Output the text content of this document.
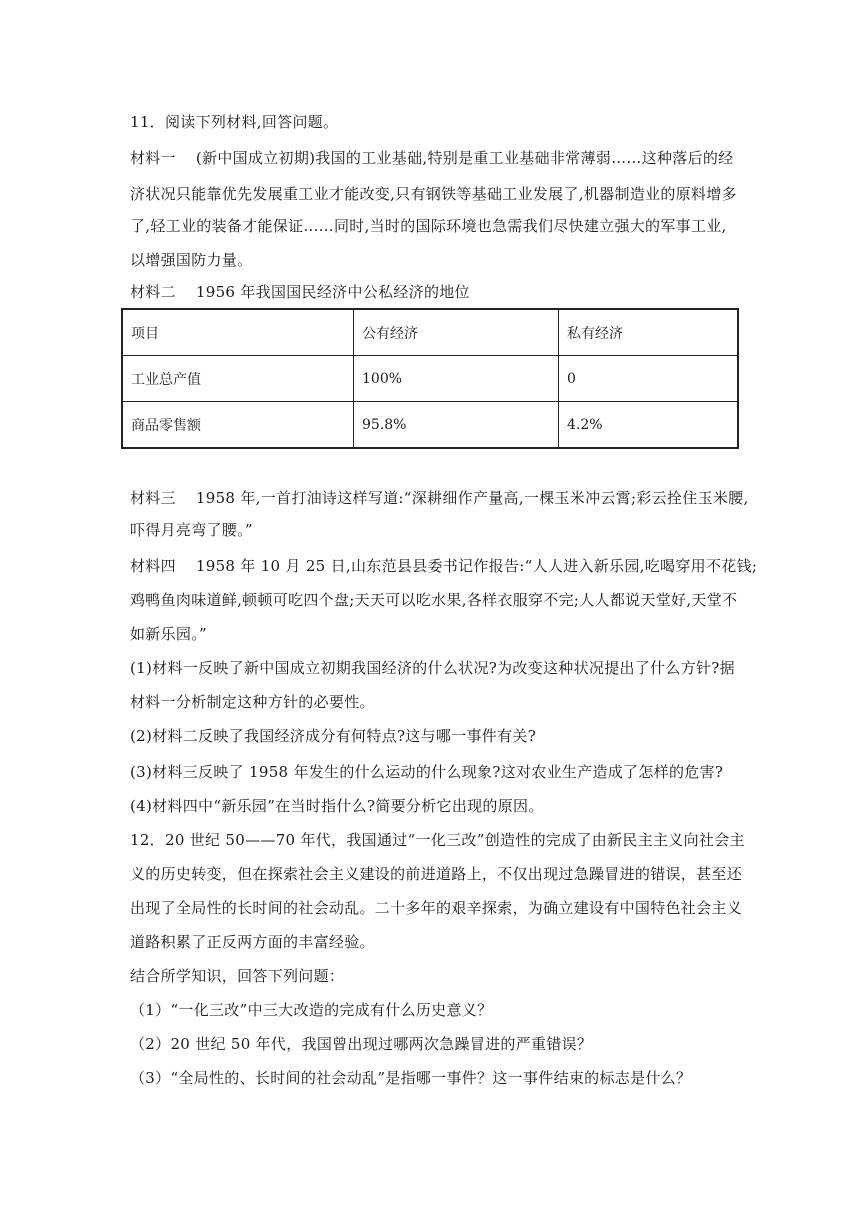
11．阅读下列材料,回答问题。
材料一 (新中国成立初期)我国的工业基础,特别是重工业基础非常薄弱……这种落后的经
济状况只能靠优先发展重工业才能改变,只有钢铁等基础工业发展了,机器制造业的原料增多
了,轻工业的装备才能保证……同时,当时的国际环境也急需我们尽快建立强大的军事工业,
以增强国防力量。
材料二 1956 年我国国民经济中公私经济的地位
项目	公有经济	私有经济
工业总产值	100%	0
商品零售额	95.8%	4.2%
材料三 1958 年,一首打油诗这样写道:“深耕细作产量高,一棵玉米冲云霄;彩云拴住玉米腰,
吓得月亮弯了腰。”
材料四 1958 年 10 月 25 日,山东范县县委书记作报告:“人人进入新乐园,吃喝穿用不花钱;
鸡鸭鱼肉味道鲜,顿顿可吃四个盘;天天可以吃水果,各样衣服穿不完;人人都说天堂好,天堂不
如新乐园。”
(1)材料一反映了新中国成立初期我国经济的什么状况?为改变这种状况提出了什么方针?据
材料一分析制定这种方针的必要性。
(2)材料二反映了我国经济成分有何特点?这与哪一事件有关?
(3)材料三反映了 1958 年发生的什么运动的什么现象?这对农业生产造成了怎样的危害?
(4)材料四中“新乐园”在当时指什么?简要分析它出现的原因。
12．20 世纪 50——70 年代，我国通过“一化三改”创造性的完成了由新民主主义向社会主
义的历史转变，但在探索社会主义建设的前进道路上，不仅出现过急躁冒进的错误，甚至还
出现了全局性的长时间的社会动乱。二十多年的艰辛探索，为确立建设有中国特色社会主义
道路积累了正反两方面的丰富经验。
结合所学知识，回答下列问题：
（1）“一化三改”中三大改造的完成有什么历史意义？
（2）20 世纪 50 年代，我国曾出现过哪两次急躁冒进的严重错误？
（3）“全局性的、长时间的社会动乱”是指哪一事件？这一事件结束的标志是什么？
